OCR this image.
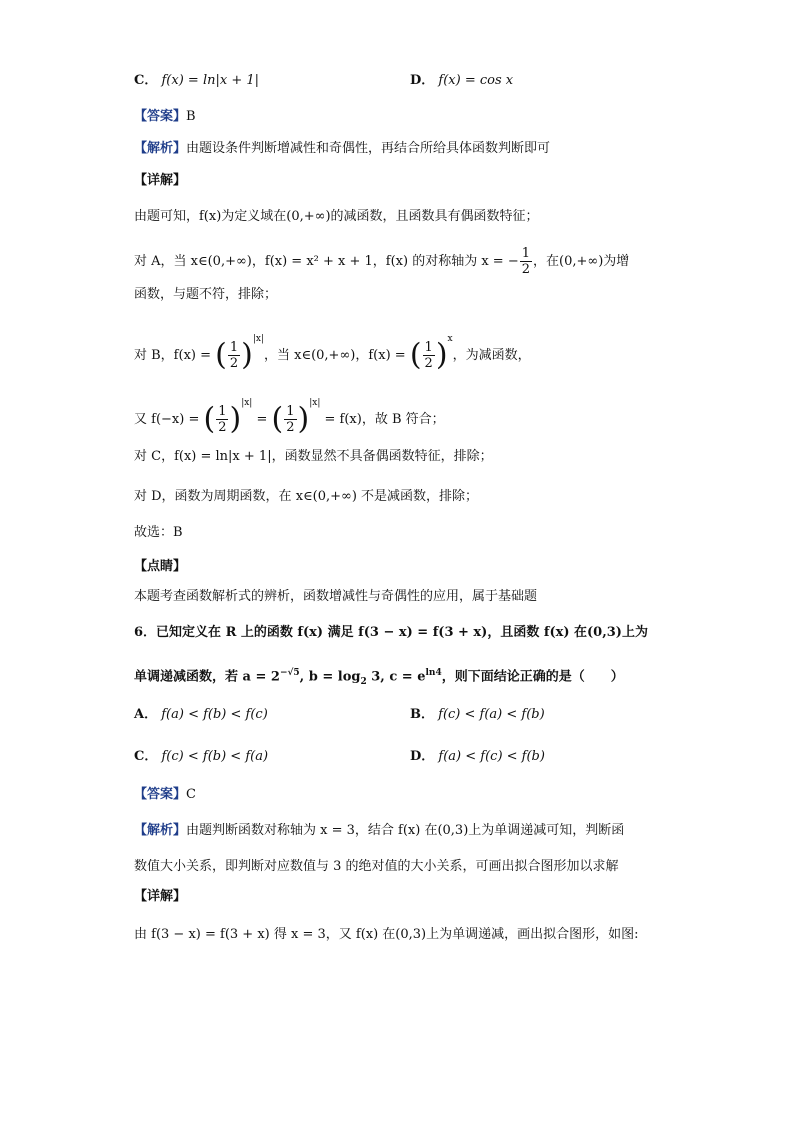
C． f(x) = ln|x + 1|	D． f(x) = cos x
【答案】B
【解析】由题设条件判断增减性和奇偶性，再结合所给具体函数判断即可
【详解】
由题可知，f(x)为定义域在(0,+∞)的减函数，且函数具有偶函数特征；
对 A，当 x∈(0,+∞)，f(x) = x² + x + 1，f(x) 的对称轴为 x = − $\frac{1}{2}$ ，在(0,+∞)为增
函数，与题不符，排除；
对 B，f(x) = ( $\frac{1}{2} )^{|x|}$，当 x∈(0,+∞)，f(x) = ( $\frac{1}{2} )^x$，为减函数，
又 f(−x) = ( $\frac{1}{2} )^{|x|}$ = ( $\frac{1}{2} )^{|x|} = f(x)$，故 B 符合；
对 C，f(x) = ln|x + 1|，函数显然不具备偶函数特征，排除；
对 D，函数为周期函数，在 x∈(0,+∞) 不是减函数，排除；
故选：B
【点睛】
本题考查函数解析式的辨析，函数增减性与奇偶性的应用，属于基础题
6．已知定义在 R 上的函数 f(x) 满足 f(3 − x) = f(3 + x)，且函数 f(x) 在(0,3)上为
单调递减函数，若 $a = 2^{-√5}$, $b = \log_2 3$, $c = e^{ln4}$，则下面结论正确的是（　　）
A． f(a) < f(b) < f(c)	B． f(c) < f(a) < f(b)
C． f(c) < f(b) < f(a)	D． f(a) < f(c) < f(b)
【答案】C
【解析】由题判断函数对称轴为 x = 3，结合 f(x) 在(0,3)上为单调递减可知，判断函
数值大小关系，即判断对应数值与 3 的绝对值的大小关系，可画出拟合图形加以求解
【详解】
由 f(3 − x) = f(3 + x) 得 x = 3，又 f(x) 在(0,3)上为单调递减，画出拟合图形，如图:
